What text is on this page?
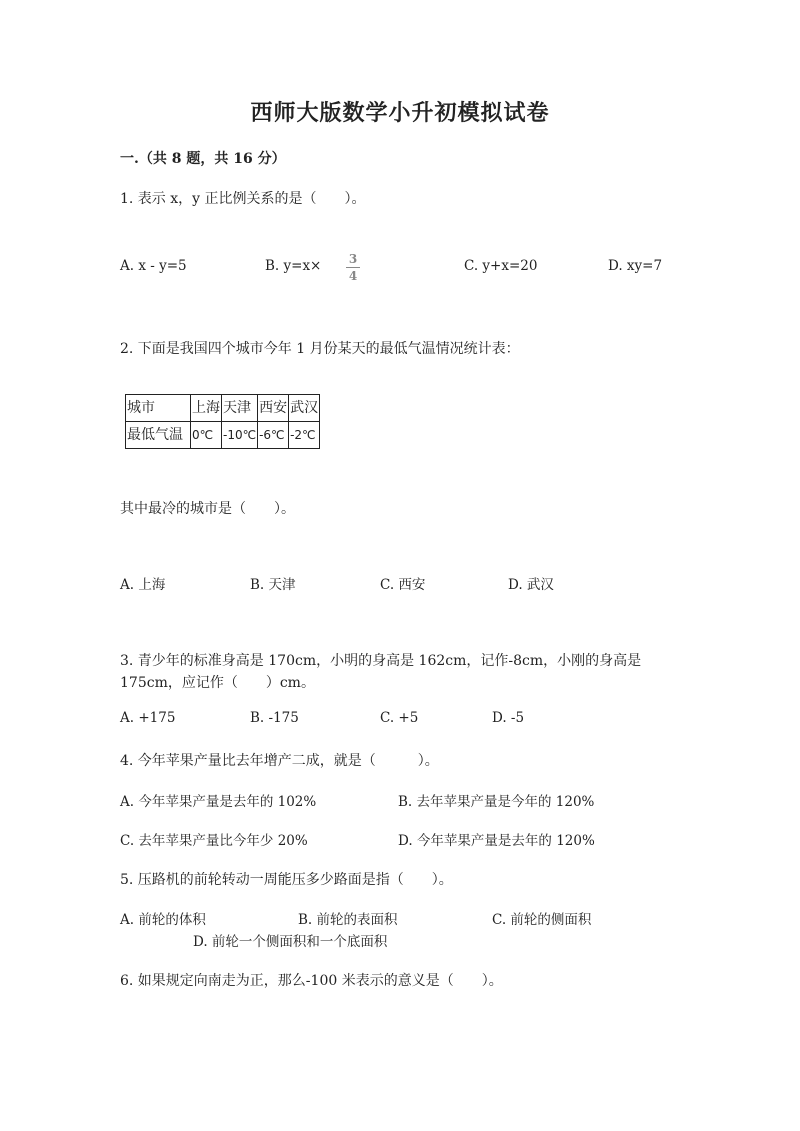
西师大版数学小升初模拟试卷
一.（共 8 题，共 16 分）
1. 表示 x，y 正比例关系的是（　　）。
A. x - y=5	B. y=x× 3
4
C. y+x=20	D. xy=7
2. 下面是我国四个城市今年 1 月份某天的最低气温情况统计表：
城市	上海	天津	西安	武汉
最低气温	0℃	-10℃	-6℃	-2℃
其中最冷的城市是（　　）。
A. 上海	B. 天津	C. 西安	D. 武汉
3. 青少年的标准身高是 170cm，小明的身高是 162cm，记作-8cm，小刚的身高是
175cm，应记作（　　）cm。
A. +175	B. -175	C. +5	D. -5
4. 今年苹果产量比去年增产二成，就是（　　　）。
A. 今年苹果产量是去年的 102%	B. 去年苹果产量是今年的 120%
C. 去年苹果产量比今年少 20%	D. 今年苹果产量是去年的 120%
5. 压路机的前轮转动一周能压多少路面是指（　　）。
A. 前轮的体积	B. 前轮的表面积	C. 前轮的侧面积
D. 前轮一个侧面积和一个底面积
6. 如果规定向南走为正，那么-100 米表示的意义是（　　）。
